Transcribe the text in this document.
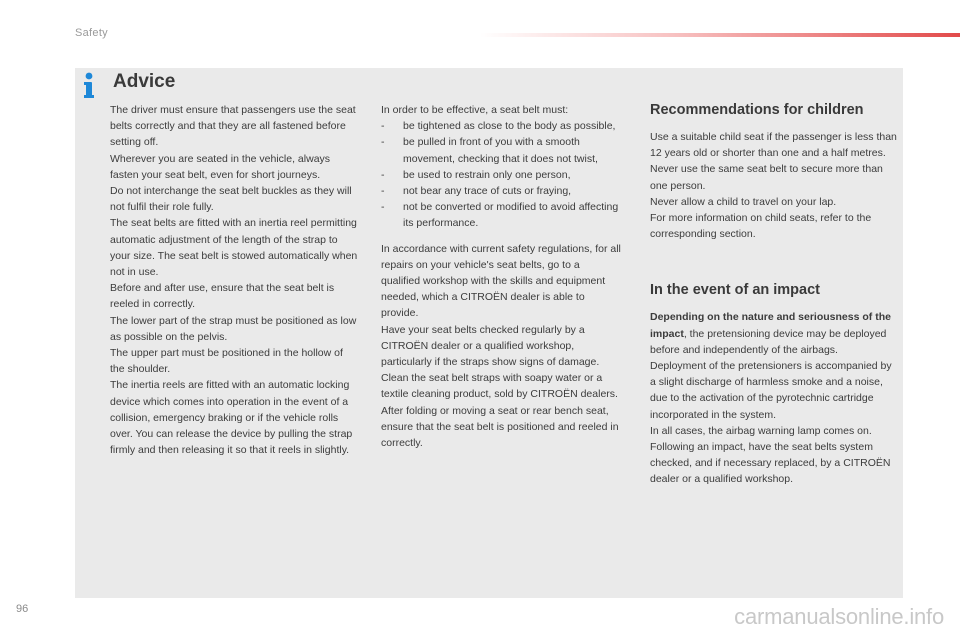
Safety
Advice

The driver must ensure that passengers use the seat belts correctly and that they are all fastened before setting off.

Wherever you are seated in the vehicle, always fasten your seat belt, even for short journeys.

Do not interchange the seat belt buckles as they will not fulfil their role fully.

The seat belts are fitted with an inertia reel permitting automatic adjustment of the length of the strap to your size. The seat belt is stowed automatically when not in use.

Before and after use, ensure that the seat belt is reeled in correctly.

The lower part of the strap must be positioned as low as possible on the pelvis.

The upper part must be positioned in the hollow of the shoulder.

The inertia reels are fitted with an automatic locking device which comes into operation in the event of a collision, emergency braking or if the vehicle rolls over. You can release the device by pulling the strap firmly and then releasing it so that it reels in slightly.

In order to be effective, a seat belt must:

-	be tightened as close to the body as possible,
-	be pulled in front of you with a smooth movement, checking that it does not twist,
-	be used to restrain only one person,
-	not bear any trace of cuts or fraying,
-	not be converted or modified to avoid affecting its performance.

In accordance with current safety regulations, for all repairs on your vehicle's seat belts, go to a qualified workshop with the skills and equipment needed, which a CITROËN dealer is able to provide.

Have your seat belts checked regularly by a CITROËN dealer or a qualified workshop, particularly if the straps show signs of damage.

Clean the seat belt straps with soapy water or a textile cleaning product, sold by CITROËN dealers.

After folding or moving a seat or rear bench seat, ensure that the seat belt is positioned and reeled in correctly.

Recommendations for children

Use a suitable child seat if the passenger is less than 12 years old or shorter than one and a half metres.

Never use the same seat belt to secure more than one person.

Never allow a child to travel on your lap.

For more information on child seats, refer to the corresponding section.

In the event of an impact

Depending on the nature and seriousness of the impact, the pretensioning device may be deployed before and independently of the airbags.

Deployment of the pretensioners is accompanied by a slight discharge of harmless smoke and a noise, due to the activation of the pyrotechnic cartridge incorporated in the system.

In all cases, the airbag warning lamp comes on.

Following an impact, have the seat belts system checked, and if necessary replaced, by a CITROËN dealer or a qualified workshop.

96	carmanualsonline.info
